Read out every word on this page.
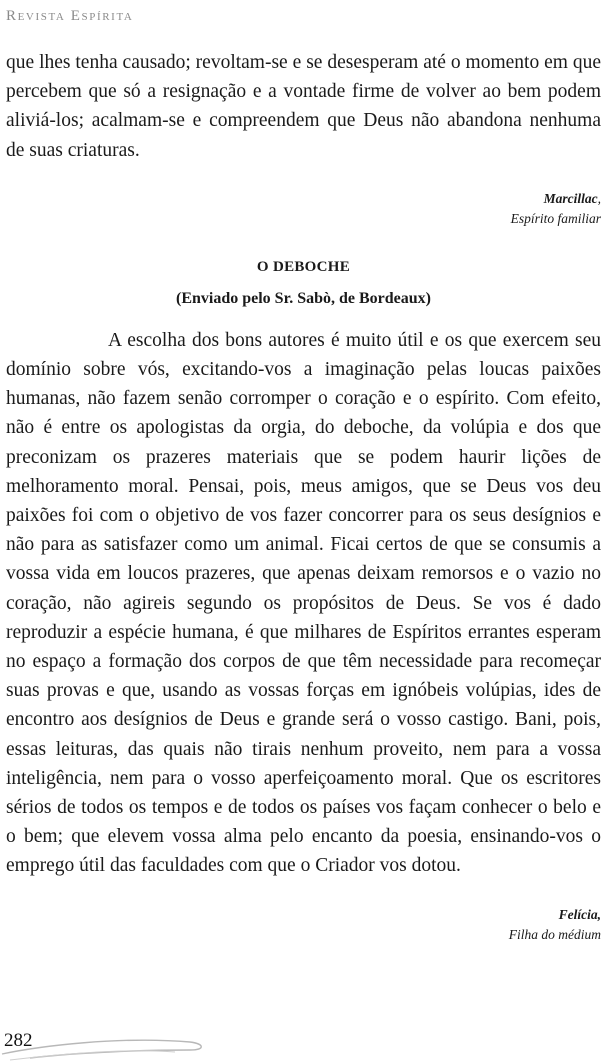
Revista Espírita

que lhes tenha causado; revoltam-se e se desesperam até o momento em que percebem que só a resignação e a vontade firme de volver ao bem podem aliviá-los; acalmam-se e compreendem que Deus não abandona nenhuma de suas criaturas.

Marcillac,
Espírito familiar
O DEBOCHE
(Enviado pelo Sr. Sabò, de Bordeaux)

A escolha dos bons autores é muito útil e os que exercem seu domínio sobre vós, excitando-vos a imaginação pelas loucas paixões humanas, não fazem senão corromper o coração e o espírito. Com efeito, não é entre os apologistas da orgia, do deboche, da volúpia e dos que preconizam os prazeres materiais que se podem haurir lições de melhoramento moral. Pensai, pois, meus amigos, que se Deus vos deu paixões foi com o objetivo de vos fazer concorrer para os seus desígnios e não para as satisfazer como um animal. Ficai certos de que se consumis a vossa vida em loucos prazeres, que apenas deixam remorsos e o vazio no coração, não agireis segundo os propósitos de Deus. Se vos é dado reproduzir a espécie humana, é que milhares de Espíritos errantes esperam no espaço a formação dos corpos de que têm necessidade para recomeçar suas provas e que, usando as vossas forças em ignóbeis volúpias, ides de encontro aos desígnios de Deus e grande será o vosso castigo. Bani, pois, essas leituras, das quais não tirais nenhum proveito, nem para a vossa inteligência, nem para o vosso aperfeiçoamento moral. Que os escritores sérios de todos os tempos e de todos os países vos façam conhecer o belo e o bem; que elevem vossa alma pelo encanto da poesia, ensinando-vos o emprego útil das faculdades com que o Criador vos dotou.

Felícia,
Filha do médium
282
